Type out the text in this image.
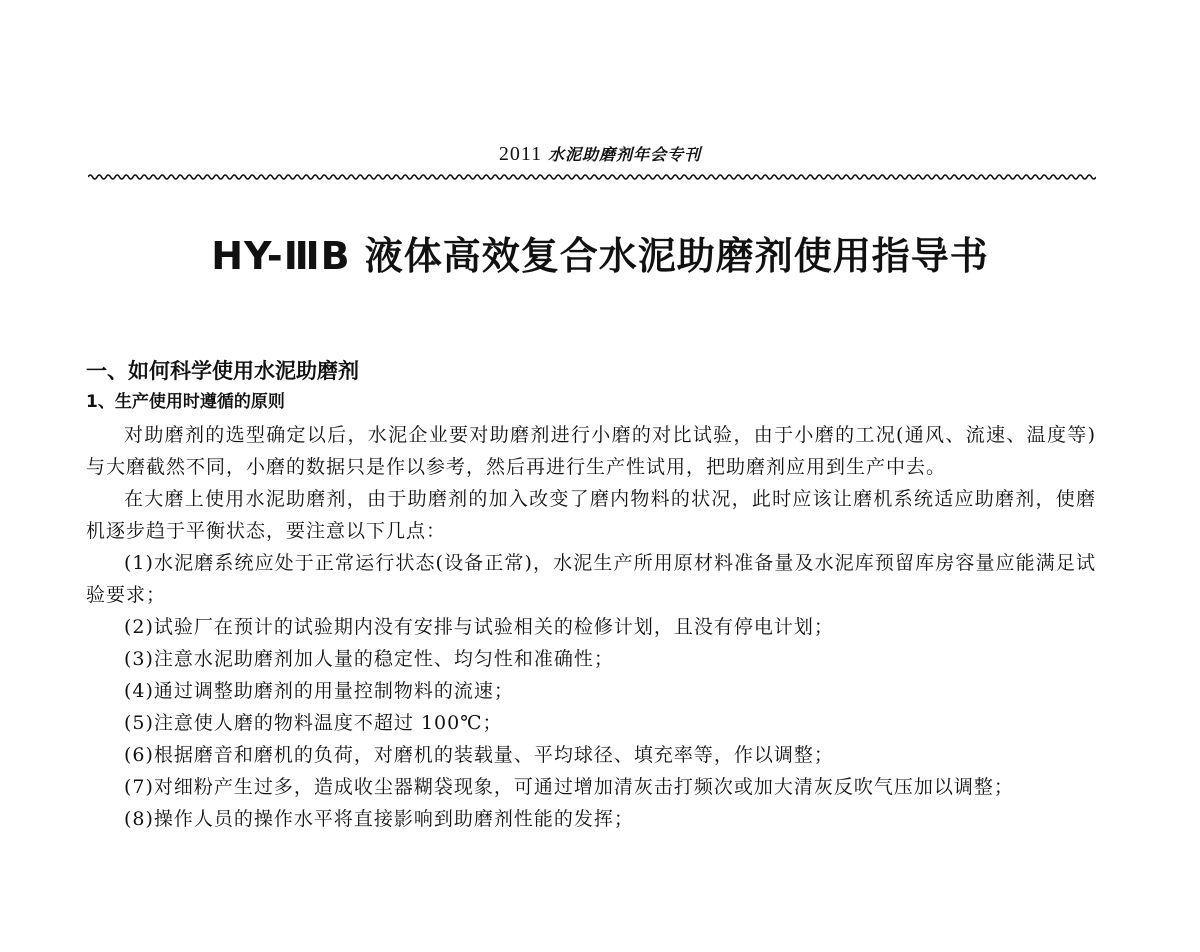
2011 水泥助磨剂年会专刊
HY-ⅢB 液体高效复合水泥助磨剂使用指导书

一、如何科学使用水泥助磨剂

1、生产使用时遵循的原则

对助磨剂的选型确定以后，水泥企业要对助磨剂进行小磨的对比试验，由于小磨的工况(通风、流速、温度等)与大磨截然不同，小磨的数据只是作以参考，然后再进行生产性试用，把助磨剂应用到生产中去。

在大磨上使用水泥助磨剂，由于助磨剂的加入改变了磨内物料的状况，此时应该让磨机系统适应助磨剂，使磨机逐步趋于平衡状态，要注意以下几点：

(1)水泥磨系统应处于正常运行状态(设备正常)，水泥生产所用原材料准备量及水泥库预留库房容量应能满足试验要求；

(2)试验厂在预计的试验期内没有安排与试验相关的检修计划，且没有停电计划；

(3)注意水泥助磨剂加人量的稳定性、均匀性和准确性；

(4)通过调整助磨剂的用量控制物料的流速；

(5)注意使人磨的物料温度不超过 100℃；

(6)根据磨音和磨机的负荷，对磨机的装载量、平均球径、填充率等，作以调整；

(7)对细粉产生过多，造成收尘器糊袋现象，可通过增加清灰击打频次或加大清灰反吹气压加以调整；

(8)操作人员的操作水平将直接影响到助磨剂性能的发挥；
